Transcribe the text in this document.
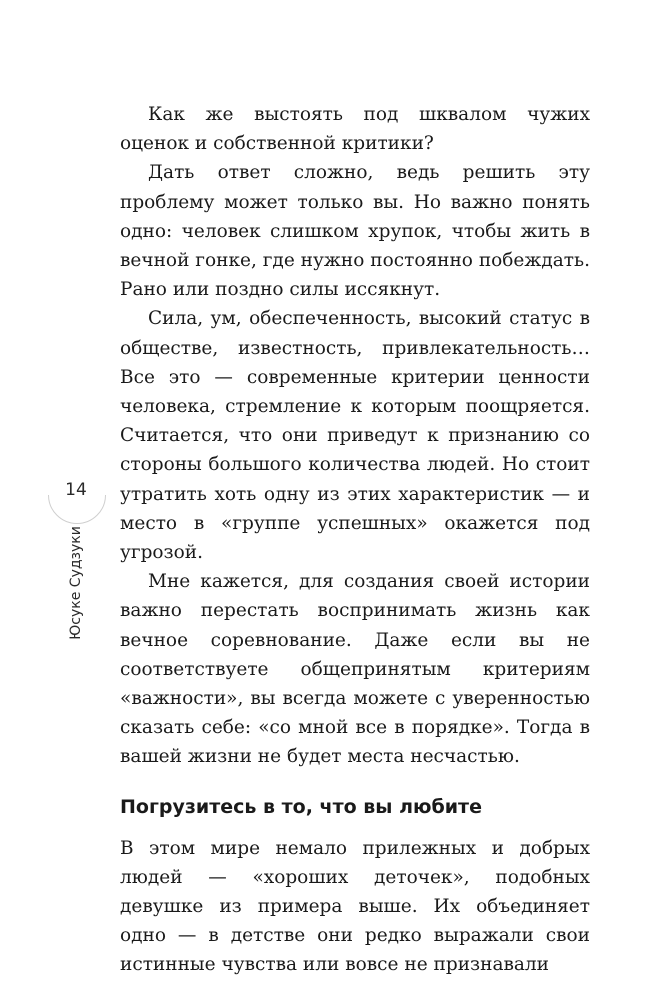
14
Юсуке Судзуки

Как же выстоять под шквалом чужих оценок и собственной критики?

Дать ответ сложно, ведь решить эту проблему может только вы. Но важно понять одно: человек слишком хрупок, чтобы жить в вечной гонке, где нужно постоянно побеждать. Рано или поздно силы иссякнут.

Сила, ум, обеспеченность, высокий статус в обществе, известность, привлекательность… Все это — современные критерии ценности человека, стремление к которым поощряется. Считается, что они приведут к признанию со стороны большого количества людей. Но стоит утратить хоть одну из этих характеристик — и место в «группе успешных» окажется под угрозой.

Мне кажется, для создания своей истории важно перестать воспринимать жизнь как вечное соревнование. Даже если вы не соответствуете общепринятым критериям «важности», вы всегда можете с уверенностью сказать себе: «со мной все в порядке». Тогда в вашей жизни не будет места несчастью.

Погрузитесь в то, что вы любите

В этом мире немало прилежных и добрых людей — «хороших деточек», подобных девушке из примера выше. Их объединяет одно — в детстве они редко выражали свои истинные чувства или вовсе не признавали
